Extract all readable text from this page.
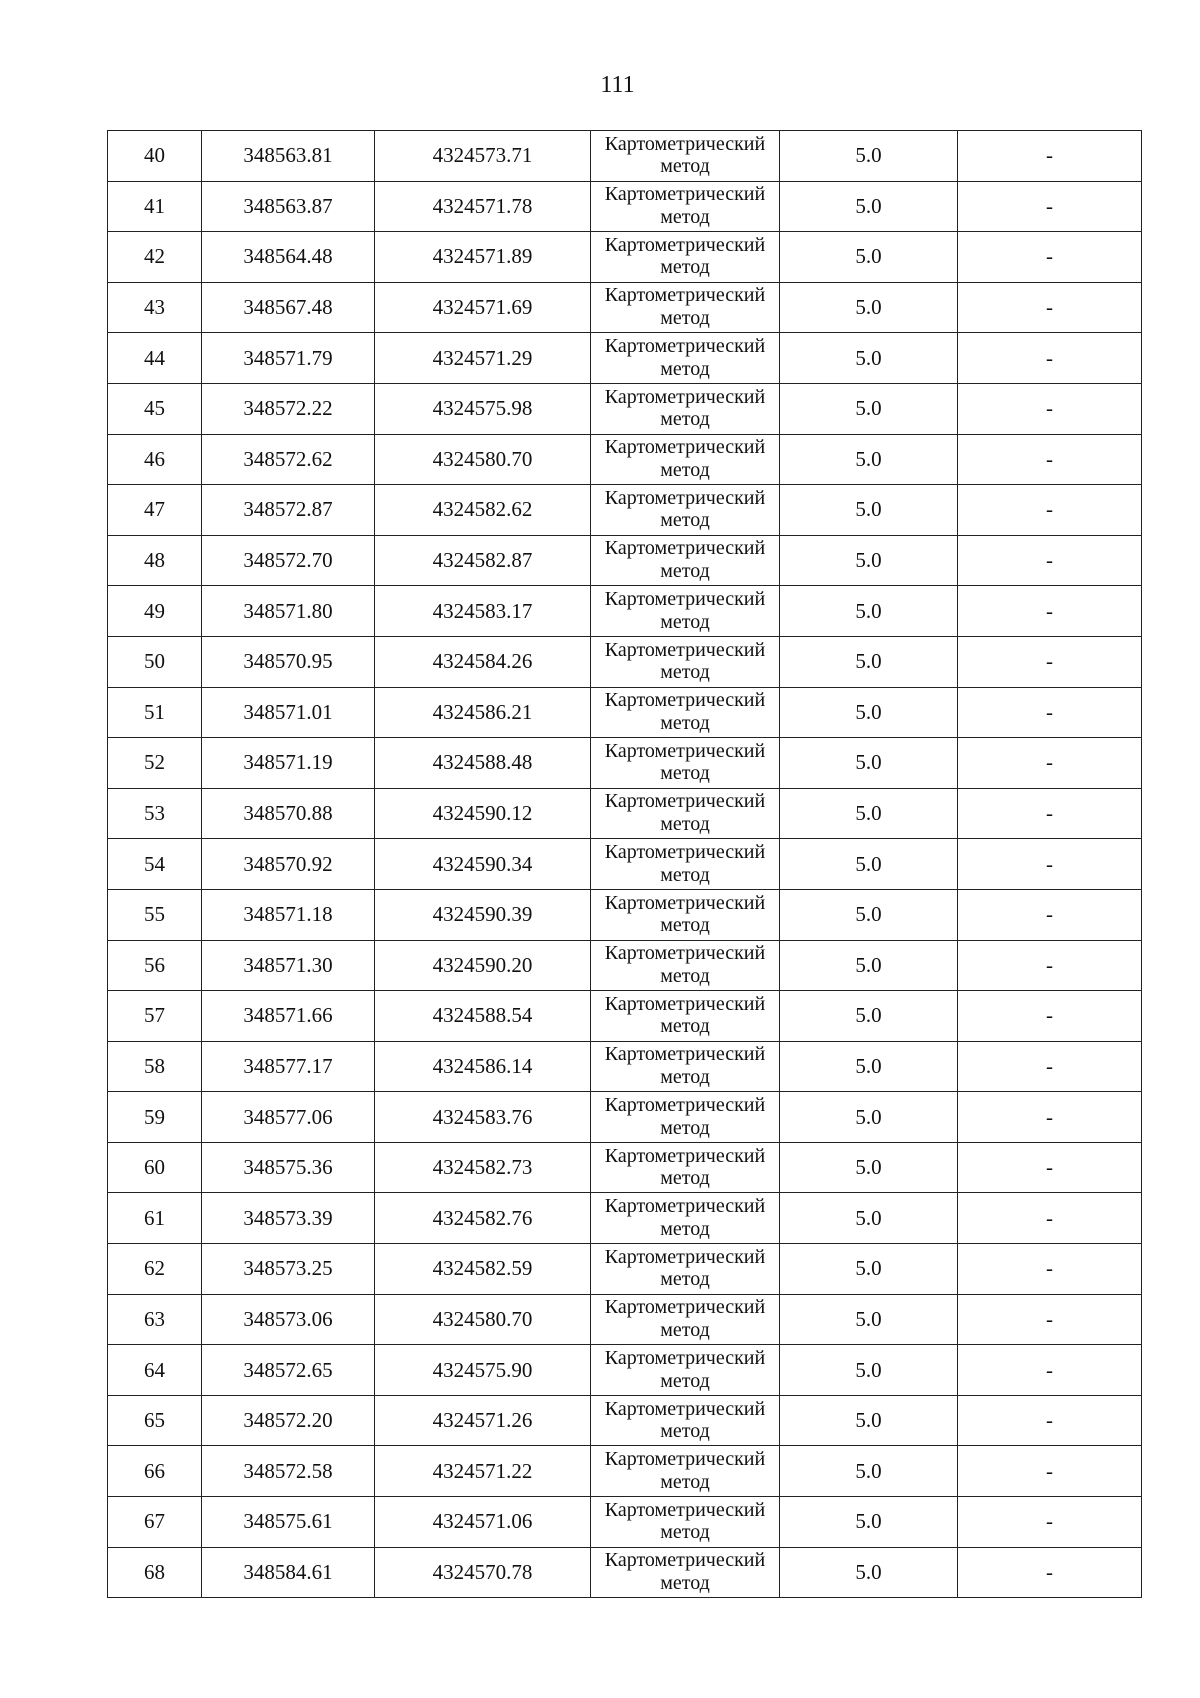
111
40	348563.81	4324573.71	Картометрический
метод	5.0	-
41	348563.87	4324571.78	Картометрический
метод	5.0	-
42	348564.48	4324571.89	Картометрический
метод	5.0	-
43	348567.48	4324571.69	Картометрический
метод	5.0	-
44	348571.79	4324571.29	Картометрический
метод	5.0	-
45	348572.22	4324575.98	Картометрический
метод	5.0	-
46	348572.62	4324580.70	Картометрический
метод	5.0	-
47	348572.87	4324582.62	Картометрический
метод	5.0	-
48	348572.70	4324582.87	Картометрический
метод	5.0	-
49	348571.80	4324583.17	Картометрический
метод	5.0	-
50	348570.95	4324584.26	Картометрический
метод	5.0	-
51	348571.01	4324586.21	Картометрический
метод	5.0	-
52	348571.19	4324588.48	Картометрический
метод	5.0	-
53	348570.88	4324590.12	Картометрический
метод	5.0	-
54	348570.92	4324590.34	Картометрический
метод	5.0	-
55	348571.18	4324590.39	Картометрический
метод	5.0	-
56	348571.30	4324590.20	Картометрический
метод	5.0	-
57	348571.66	4324588.54	Картометрический
метод	5.0	-
58	348577.17	4324586.14	Картометрический
метод	5.0	-
59	348577.06	4324583.76	Картометрический
метод	5.0	-
60	348575.36	4324582.73	Картометрический
метод	5.0	-
61	348573.39	4324582.76	Картометрический
метод	5.0	-
62	348573.25	4324582.59	Картометрический
метод	5.0	-
63	348573.06	4324580.70	Картометрический
метод	5.0	-
64	348572.65	4324575.90	Картометрический
метод	5.0	-
65	348572.20	4324571.26	Картометрический
метод	5.0	-
66	348572.58	4324571.22	Картометрический
метод	5.0	-
67	348575.61	4324571.06	Картометрический
метод	5.0	-
68	348584.61	4324570.78	Картометрический
метод	5.0	-
